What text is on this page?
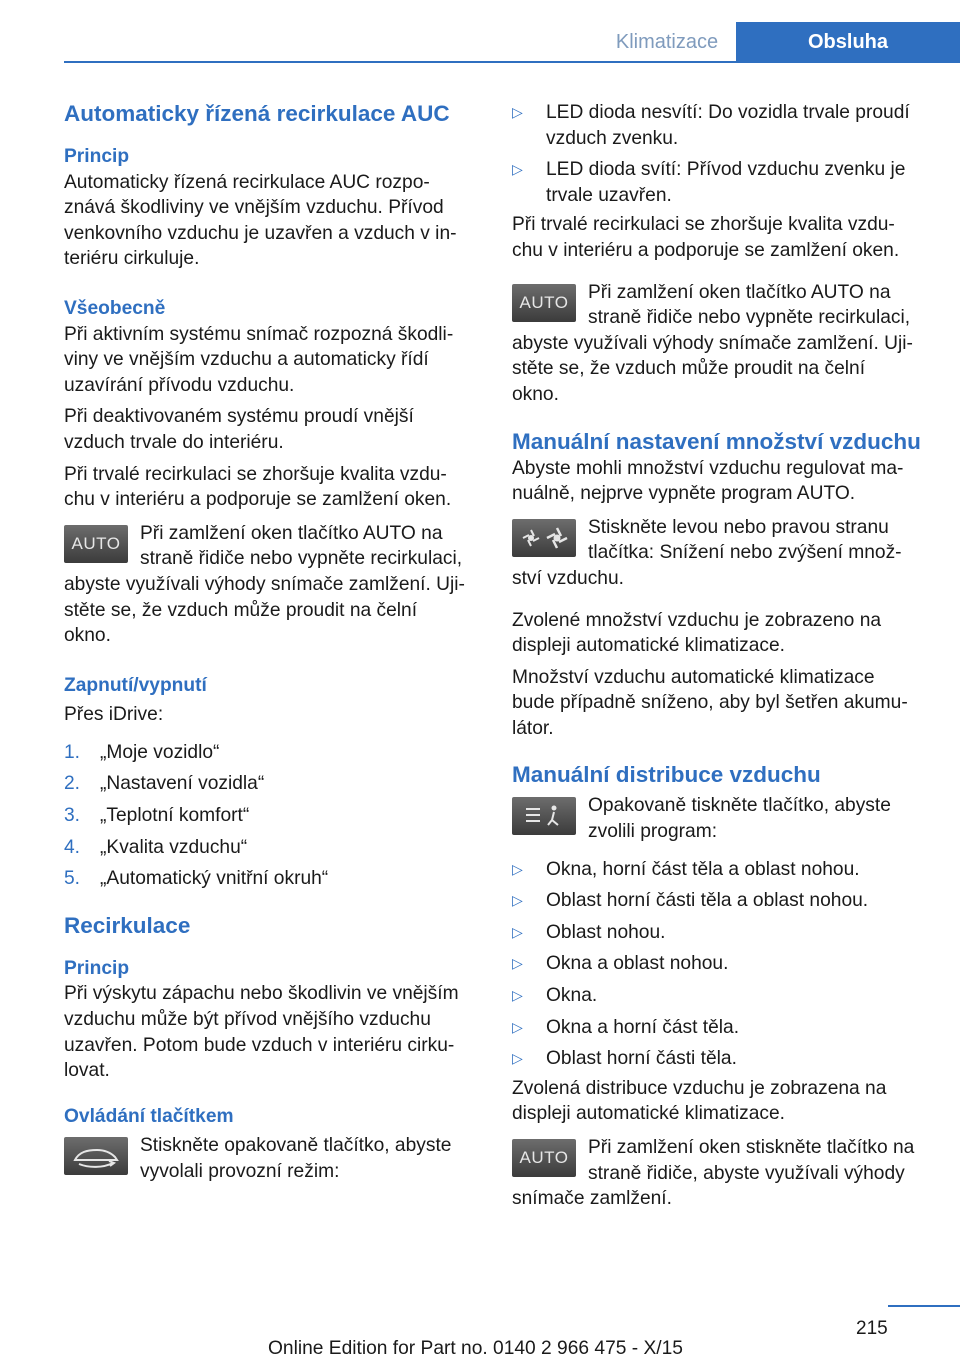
Klimatizace	Obsluha
Automaticky řízená recirkulace AUC
Princip

Automaticky řízená recirkulace AUC rozpo‐
znává škodliviny ve vnějším vzduchu. Přívod
venkovního vzduchu je uzavřen a vzduch v in‐
teriéru cirkuluje.

Všeobecně

Při aktivním systému snímač rozpozná škodli‐
viny ve vnějším vzduchu a automaticky řídí
uzavírání přívodu vzduchu.

Při deaktivovaném systému proudí vnější
vzduch trvale do interiéru.

Při trvalé recirkulaci se zhoršuje kvalita vzdu‐
chu v interiéru a podporuje se zamlžení oken.

AUTO Při zamlžení oken tlačítko AUTO na
straně řidiče nebo vypněte recirkulaci,
abyste využívali výhody snímače zamlžení. Uji‐
stěte se, že vzduch může proudit na čelní
okno.
Zapnutí/vypnutí

Přes iDrive:

1.	„Moje vozidlo“
2.	„Nastavení vozidla“
3.	„Teplotní komfort“
4.	„Kvalita vzduchu“
5.	„Automatický vnitřní okruh“
Recirkulace
Princip

Při výskytu zápachu nebo škodlivin ve vnějším
vzduchu může být přívod vnějšího vzduchu
uzavřen. Potom bude vzduch v interiéru cirku‐
lovat.

Ovládání tlačítkem
Stiskněte opakovaně tlačítko, abyste
vyvolali provozní režim:
▷	LED dioda nesvítí: Do vozidla trvale proudí
vzduch zvenku.
▷	LED dioda svítí: Přívod vzduchu zvenku je
trvale uzavřen.

Při trvalé recirkulaci se zhoršuje kvalita vzdu‐
chu v interiéru a podporuje se zamlžení oken.

AUTO Při zamlžení oken tlačítko AUTO na
straně řidiče nebo vypněte recirkulaci,
abyste využívali výhody snímače zamlžení. Uji‐
stěte se, že vzduch může proudit na čelní
okno.
Manuální nastavení množství vzduchu

Abyste mohli množství vzduchu regulovat ma‐
nuálně, nejprve vypněte program AUTO.

Stiskněte levou nebo pravou stranu
tlačítka: Snížení nebo zvýšení množ‐
ství vzduchu.

Zvolené množství vzduchu je zobrazeno na
displeji automatické klimatizace.

Množství vzduchu automatické klimatizace
bude případně sníženo, aby byl šetřen akumu‐
látor.

Manuální distribuce vzduchu
Opakovaně tiskněte tlačítko, abyste
zvolili program:
▷	Okna, horní část těla a oblast nohou.
▷	Oblast horní části těla a oblast nohou.
▷	Oblast nohou.
▷	Okna a oblast nohou.
▷	Okna.
▷	Okna a horní část těla.
▷	Oblast horní části těla.

Zvolená distribuce vzduchu je zobrazena na
displeji automatické klimatizace.

AUTO Při zamlžení oken stiskněte tlačítko na
straně řidiče, abyste využívali výhody
snímače zamlžení.
215
Online Edition for Part no. 0140 2 966 475 - X/15
